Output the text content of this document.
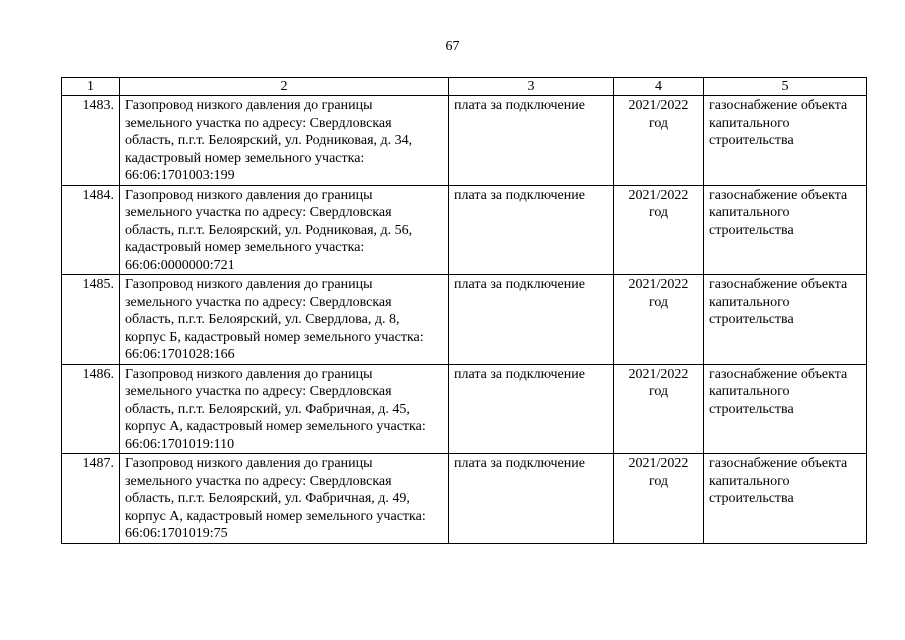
67
1	2	3	4	5
1483.	Газопровод низкого давления до границы земельного участка по адресу: Свердловская область, п.г.т. Белоярский, ул. Родниковая, д. 34, кадастровый номер земельного участка: 66:06:1701003:199	плата за подключение	2021/2022 год	газоснабжение объекта капитального строительства
1484.	Газопровод низкого давления до границы земельного участка по адресу: Свердловская область, п.г.т. Белоярский, ул. Родниковая, д. 56, кадастровый номер земельного участка: 66:06:0000000:721	плата за подключение	2021/2022 год	газоснабжение объекта капитального строительства
1485.	Газопровод низкого давления до границы земельного участка по адресу: Свердловская область, п.г.т. Белоярский, ул. Свердлова, д. 8, корпус Б, кадастровый номер земельного участка: 66:06:1701028:166	плата за подключение	2021/2022 год	газоснабжение объекта капитального строительства
1486.	Газопровод низкого давления до границы земельного участка по адресу: Свердловская область, п.г.т. Белоярский, ул. Фабричная, д. 45, корпус А, кадастровый номер земельного участка: 66:06:1701019:110	плата за подключение	2021/2022 год	газоснабжение объекта капитального строительства
1487.	Газопровод низкого давления до границы земельного участка по адресу: Свердловская область, п.г.т. Белоярский, ул. Фабричная, д. 49, корпус А, кадастровый номер земельного участка: 66:06:1701019:75	плата за подключение	2021/2022 год	газоснабжение объекта капитального строительства
